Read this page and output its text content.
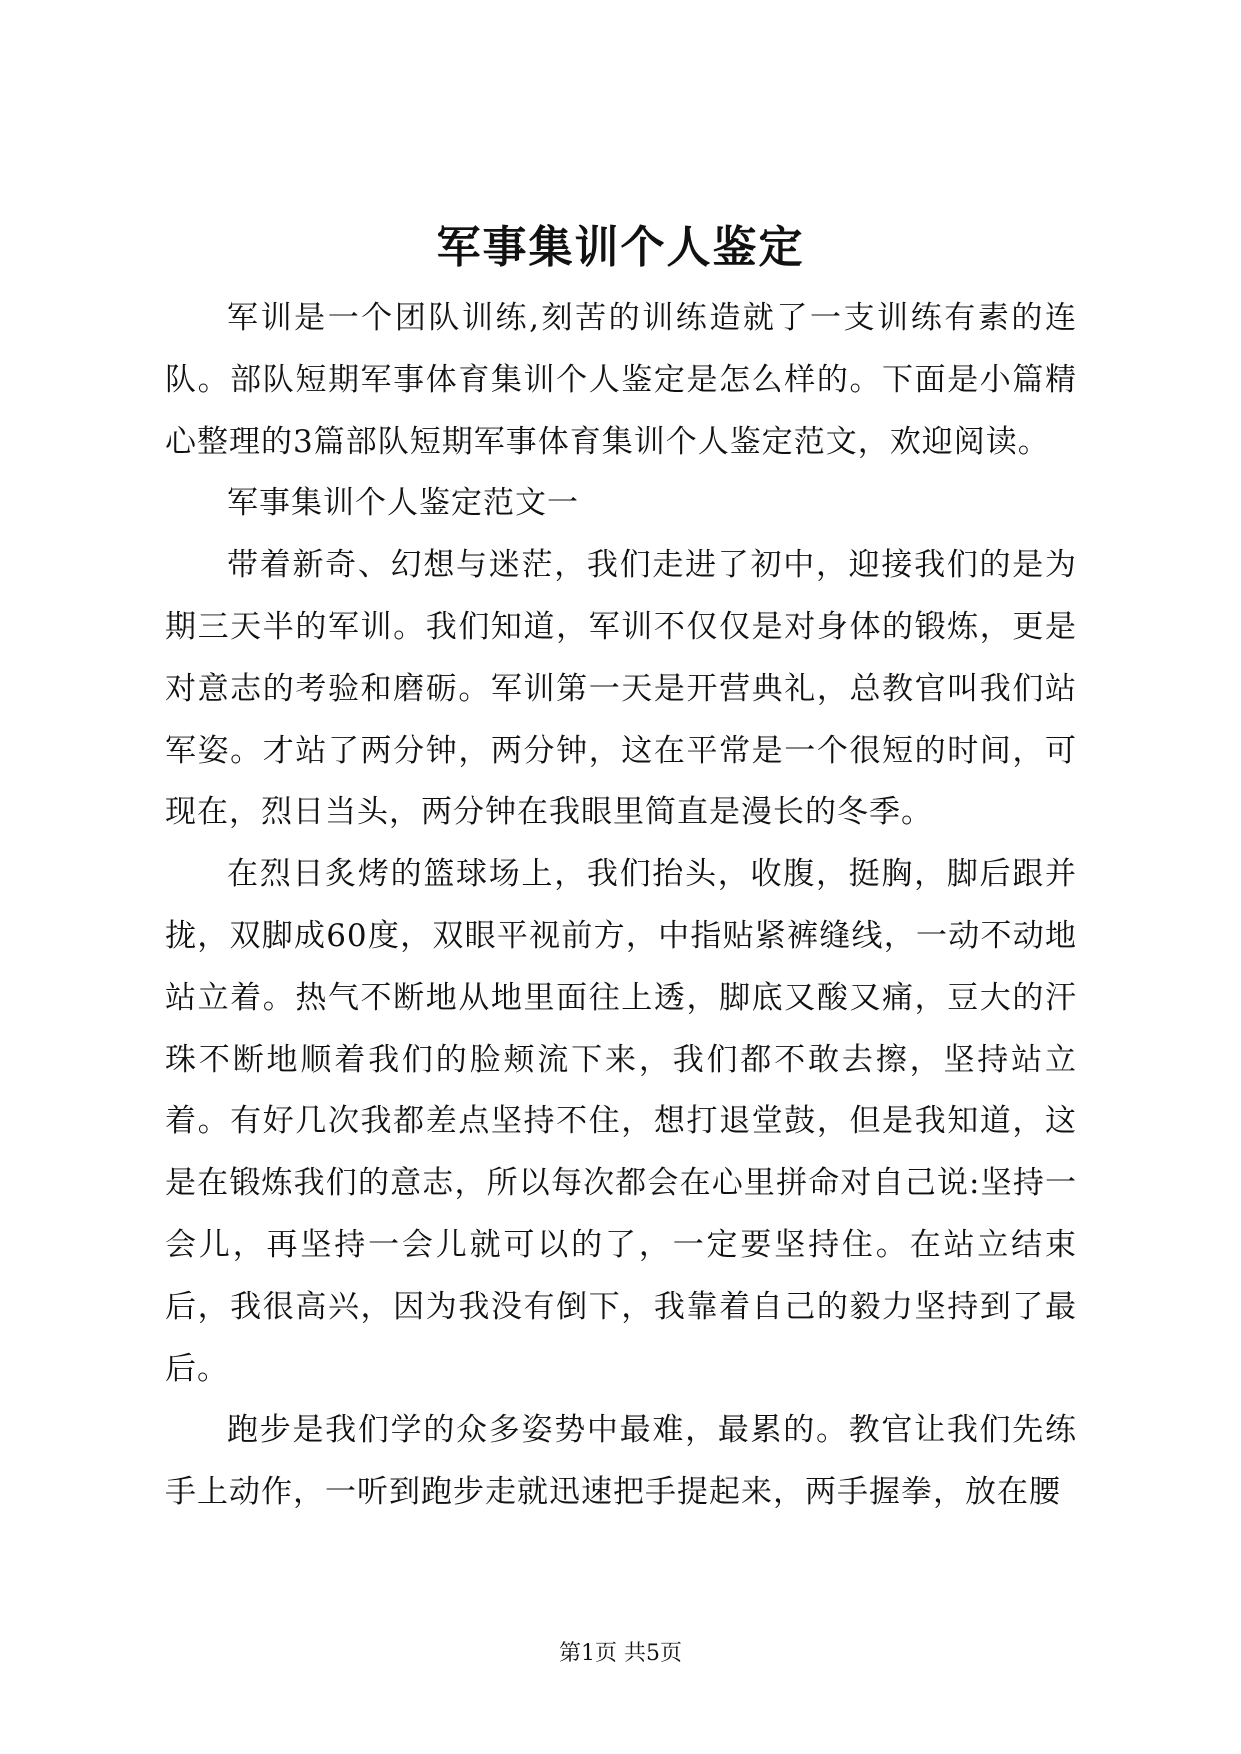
军事集训个人鉴定

军训是一个团队训练,刻苦的训练造就了一支训练有素的连队。部队短期军事体育集训个人鉴定是怎么样的。下面是小篇精心整理的3篇部队短期军事体育集训个人鉴定范文，欢迎阅读。

军事集训个人鉴定范文一

带着新奇、幻想与迷茫，我们走进了初中，迎接我们的是为期三天半的军训。我们知道，军训不仅仅是对身体的锻炼，更是对意志的考验和磨砺。军训第一天是开营典礼，总教官叫我们站军姿。才站了两分钟，两分钟，这在平常是一个很短的时间，可现在，烈日当头，两分钟在我眼里简直是漫长的冬季。

在烈日炙烤的篮球场上，我们抬头，收腹，挺胸，脚后跟并拢，双脚成60度，双眼平视前方，中指贴紧裤缝线，一动不动地站立着。热气不断地从地里面往上透，脚底又酸又痛，豆大的汗珠不断地顺着我们的脸颊流下来，我们都不敢去擦，坚持站立着。有好几次我都差点坚持不住，想打退堂鼓，但是我知道，这是在锻炼我们的意志，所以每次都会在心里拼命对自己说:坚持一会儿，再坚持一会儿就可以的了，一定要坚持住。在站立结束后，我很高兴，因为我没有倒下，我靠着自己的毅力坚持到了最后。

跑步是我们学的众多姿势中最难，最累的。教官让我们先练手上动作，一听到跑步走就迅速把手提起来，两手握拳，放在腰

第1页 共5页
